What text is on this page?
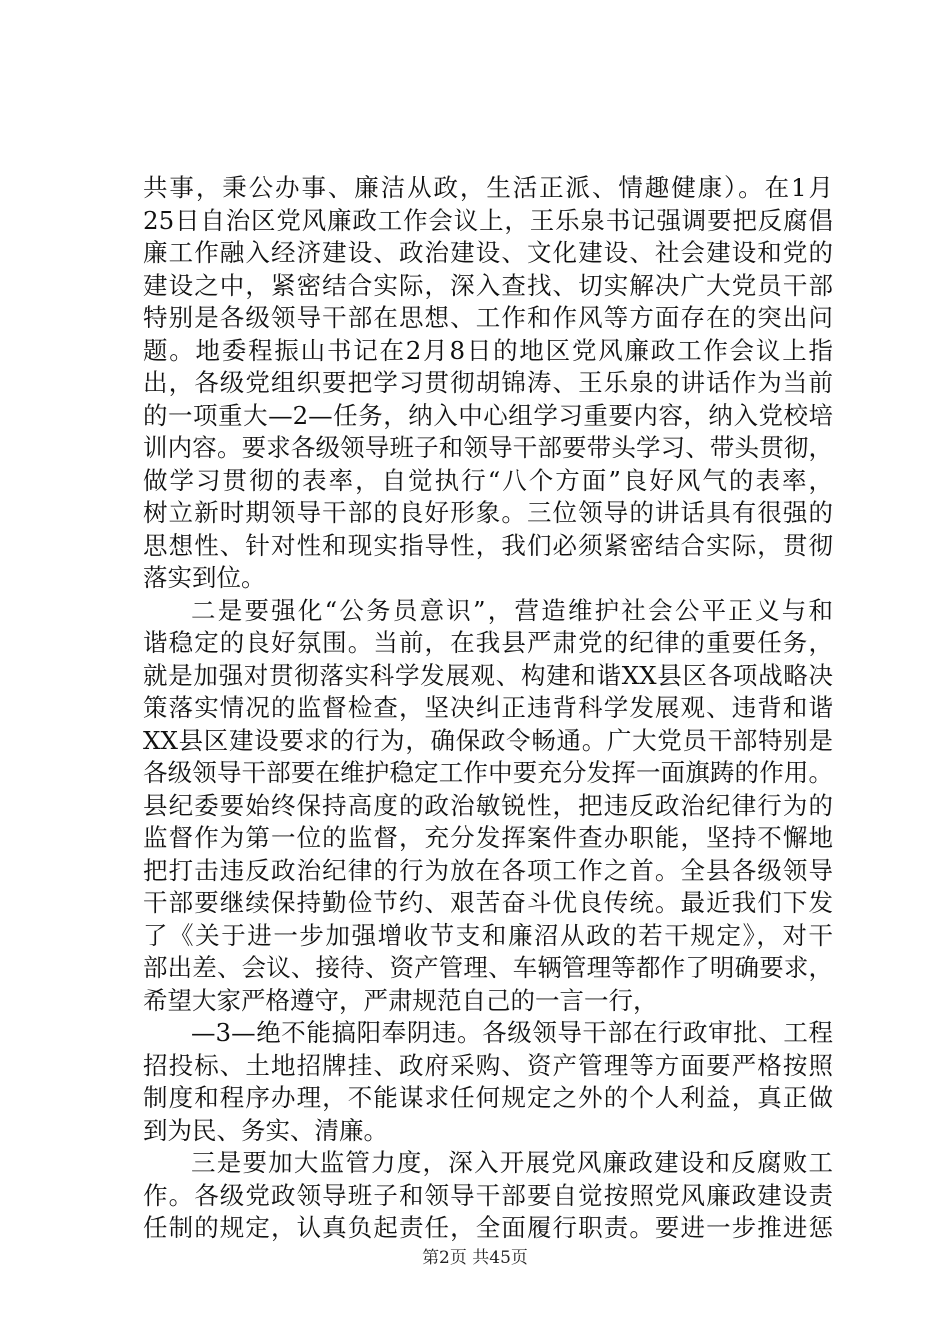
共事，秉公办事、廉洁从政，生活正派、情趣健康）。在1月
25日自治区党风廉政工作会议上，王乐泉书记强调要把反腐倡
廉工作融入经济建设、政治建设、文化建设、社会建设和党的
建设之中，紧密结合实际，深入查找、切实解决广大党员干部
特别是各级领导干部在思想、工作和作风等方面存在的突出问
题。地委程振山书记在2月8日的地区党风廉政工作会议上指
出，各级党组织要把学习贯彻胡锦涛、王乐泉的讲话作为当前
的一项重大—2—任务，纳入中心组学习重要内容，纳入党校培
训内容。要求各级领导班子和领导干部要带头学习、带头贯彻，
做学习贯彻的表率，自觉执行“八个方面”良好风气的表率，
树立新时期领导干部的良好形象。三位领导的讲话具有很强的
思想性、针对性和现实指导性，我们必须紧密结合实际，贯彻
落实到位。
二是要强化“公务员意识”，营造维护社会公平正义与和
谐稳定的良好氛围。当前，在我县严肃党的纪律的重要任务，
就是加强对贯彻落实科学发展观、构建和谐XX县区各项战略决
策落实情况的监督检查，坚决纠正违背科学发展观、违背和谐
XX县区建设要求的行为，确保政令畅通。广大党员干部特别是
各级领导干部要在维护稳定工作中要充分发挥一面旗踌的作用。
县纪委要始终保持高度的政治敏锐性，把违反政治纪律行为的
监督作为第一位的监督，充分发挥案件查办职能，坚持不懈地
把打击违反政治纪律的行为放在各项工作之首。全县各级领导
干部要继续保持勤俭节约、艰苦奋斗优良传统。最近我们下发
了《关于进一步加强增收节支和廉沼从政的若干规定》，对干
部出差、会议、接待、资产管理、车辆管理等都作了明确要求，
希望大家严格遵守，严肃规范自己的一言一行，
—3—绝不能搞阳奉阴违。各级领导干部在行政审批、工程
招投标、土地招牌挂、政府采购、资产管理等方面要严格按照
制度和程序办理，不能谋求任何规定之外的个人利益，真正做
到为民、务实、清廉。
三是要加大监管力度，深入开展党风廉政建设和反腐败工
作。各级党政领导班子和领导干部要自觉按照党风廉政建设责
任制的规定，认真负起责任，全面履行职责。要进一步推进惩
第2页 共45页
